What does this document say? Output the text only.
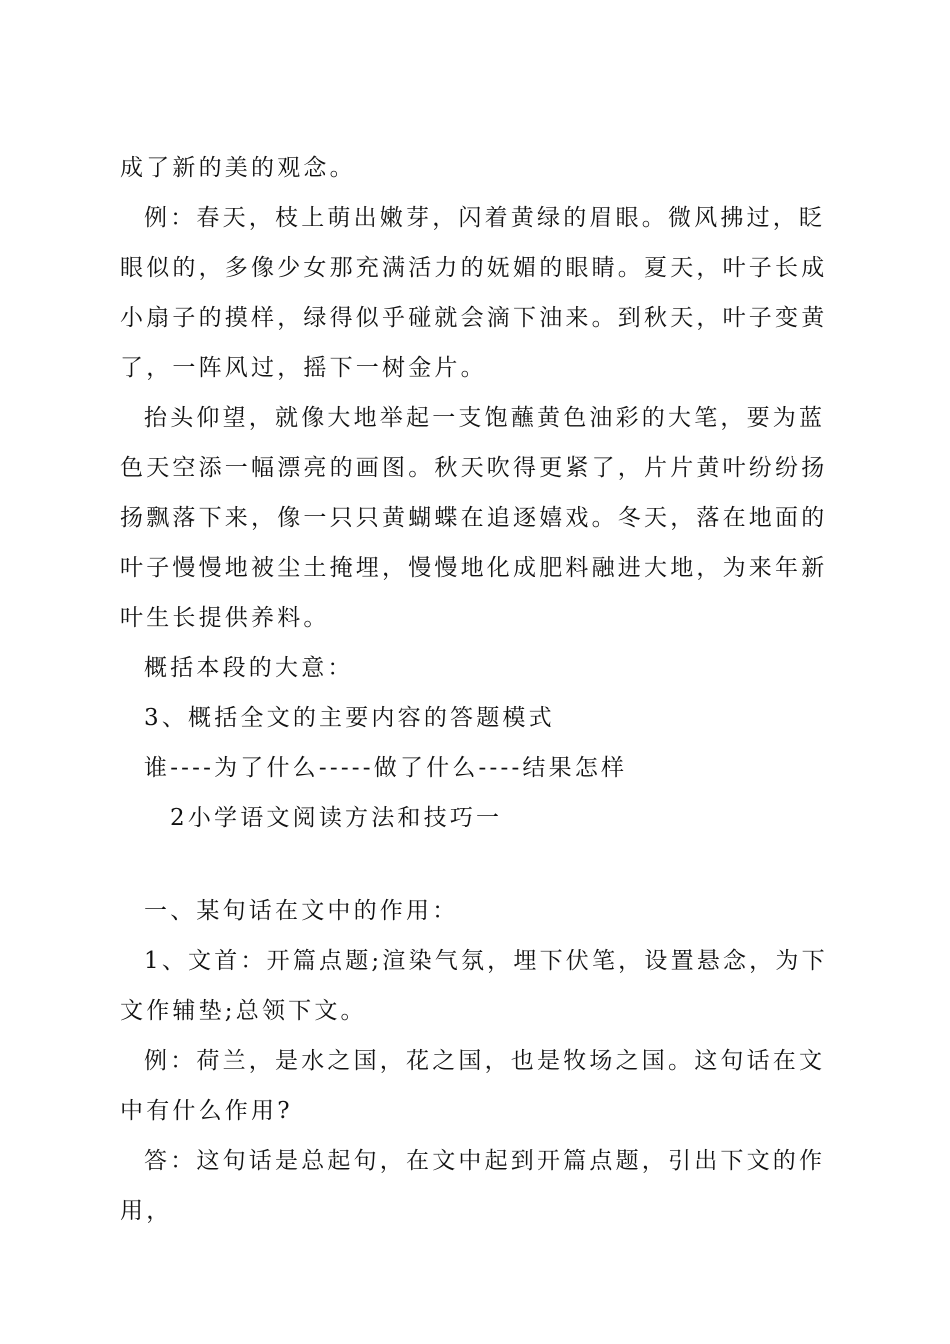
成了新的美的观念。

例：春天，枝上萌出嫩芽，闪着黄绿的眉眼。微风拂过，眨眼似的，多像少女那充满活力的妩媚的眼睛。夏天，叶子长成小扇子的摸样，绿得似乎碰就会滴下油来。到秋天，叶子变黄了，一阵风过，摇下一树金片。

抬头仰望，就像大地举起一支饱蘸黄色油彩的大笔，要为蓝色天空添一幅漂亮的画图。秋天吹得更紧了，片片黄叶纷纷扬扬飘落下来，像一只只黄蝴蝶在追逐嬉戏。冬天，落在地面的叶子慢慢地被尘土掩埋，慢慢地化成肥料融进大地，为来年新叶生长提供养料。

概括本段的大意：

3、概括全文的主要内容的答题模式

谁----为了什么-----做了什么----结果怎样

2小学语文阅读方法和技巧一

一、某句话在文中的作用：

1、文首：开篇点题;渲染气氛，埋下伏笔，设置悬念，为下文作辅垫;总领下文。

例：荷兰，是水之国，花之国，也是牧场之国。这句话在文中有什么作用?

答：这句话是总起句，在文中起到开篇点题，引出下文的作用，
